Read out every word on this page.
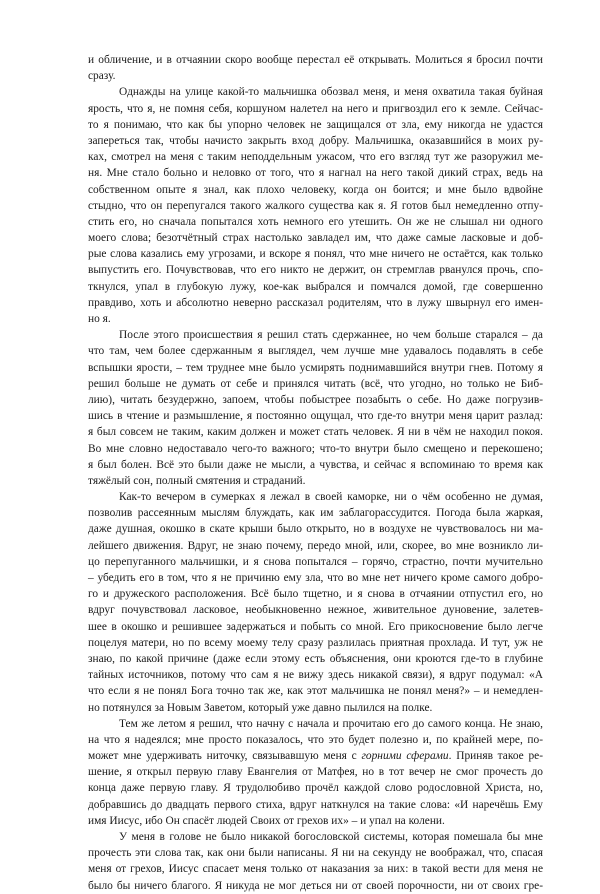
и обличение, и в отчаянии скоро вообще перестал её открывать. Молиться я бросил почти
сразу.
Однажды на улице какой-то мальчишка обозвал меня, и меня охватила такая буйная
ярость, что я, не помня себя, коршуном налетел на него и пригвоздил его к земле. Сейчас-
то я понимаю, что как бы упорно человек не защищался от зла, ему никогда не удастся
запереться так, чтобы начисто закрыть вход добру. Мальчишка, оказавшийся в моих ру-
ках, смотрел на меня с таким неподдельным ужасом, что его взгляд тут же разоружил ме-
ня. Мне стало больно и неловко от того, что я нагнал на него такой дикий страх, ведь на
собственном опыте я знал, как плохо человеку, когда он боится; и мне было вдвойне
стыдно, что он перепугался такого жалкого существа как я. Я готов был немедленно отпу-
стить его, но сначала попытался хоть немного его утешить. Он же не слышал ни одного
моего слова; безотчётный страх настолько завладел им, что даже самые ласковые и доб-
рые слова казались ему угрозами, и вскоре я понял, что мне ничего не остаётся, как только
выпустить его. Почувствовав, что его никто не держит, он стремглав рванулся прочь, спо-
ткнулся, упал в глубокую лужу, кое-как выбрался и помчался домой, где совершенно
правдиво, хоть и абсолютно неверно рассказал родителям, что в лужу швырнул его имен-
но я.
После этого происшествия я решил стать сдержаннее, но чем больше старался – да
что там, чем более сдержанным я выглядел, чем лучше мне удавалось подавлять в себе
вспышки ярости, – тем труднее мне было усмирять поднимавшийся внутри гнев. Потому я
решил больше не думать от себе и принялся читать (всё, что угодно, но только не Биб-
лию), читать безудержно, запоем, чтобы побыстрее позабыть о себе. Но даже погрузив-
шись в чтение и размышление, я постоянно ощущал, что где-то внутри меня царит разлад:
я был совсем не таким, каким должен и может стать человек. Я ни в чём не находил покоя.
Во мне словно недоставало чего-то важного; что-то внутри было смещено и перекошено;
я был болен. Всё это были даже не мысли, а чувства, и сейчас я вспоминаю то время как
тяжёлый сон, полный смятения и страданий.
Как-то вечером в сумерках я лежал в своей каморке, ни о чём особенно не думая,
позволив рассеянным мыслям блуждать, как им заблагорассудится. Погода была жаркая,
даже душная, окошко в скате крыши было открыто, но в воздухе не чувствовалось ни ма-
лейшего движения. Вдруг, не знаю почему, передо мной, или, скорее, во мне возникло ли-
цо перепуганного мальчишки, и я снова попытался – горячо, страстно, почти мучительно
– убедить его в том, что я не причиню ему зла, что во мне нет ничего кроме самого добро-
го и дружеского расположения. Всё было тщетно, и я снова в отчаянии отпустил его, но
вдруг почувствовал ласковое, необыкновенно нежное, живительное дуновение, залетев-
шее в окошко и решившее задержаться и побыть со мной. Его прикосновение было легче
поцелуя матери, но по всему моему телу сразу разлилась приятная прохлада. И тут, уж не
знаю, по какой причине (даже если этому есть объяснения, они кроются где-то в глубине
тайных источников, потому что сам я не вижу здесь никакой связи), я вдруг подумал: «А
что если я не понял Бога точно так же, как этот мальчишка не понял меня?» – и немедлен-
но потянулся за Новым Заветом, который уже давно пылился на полке.
Тем же летом я решил, что начну с начала и прочитаю его до самого конца. Не знаю,
на что я надеялся; мне просто показалось, что это будет полезно и, по крайней мере, по-
может мне удерживать ниточку, связывавшую меня с горними сферами. Приняв такое ре-
шение, я открыл первую главу Евангелия от Матфея, но в тот вечер не смог прочесть до
конца даже первую главу. Я трудолюбиво прочёл каждой слово родословной Христа, но,
добравшись до двадцать первого стиха, вдруг наткнулся на такие слова: «И наречёшь Ему
имя Иисус, ибо Он спасёт людей Своих от грехов их» – и упал на колени.
У меня в голове не было никакой богословской системы, которая помешала бы мне
прочесть эти слова так, как они были написаны. Я ни на секунду не воображал, что, спасая
меня от грехов, Иисус спасает меня только от наказания за них: в такой вести для меня не
было бы ничего благого. Я никуда не мог деться ни от своей порочности, ни от своих гре-
